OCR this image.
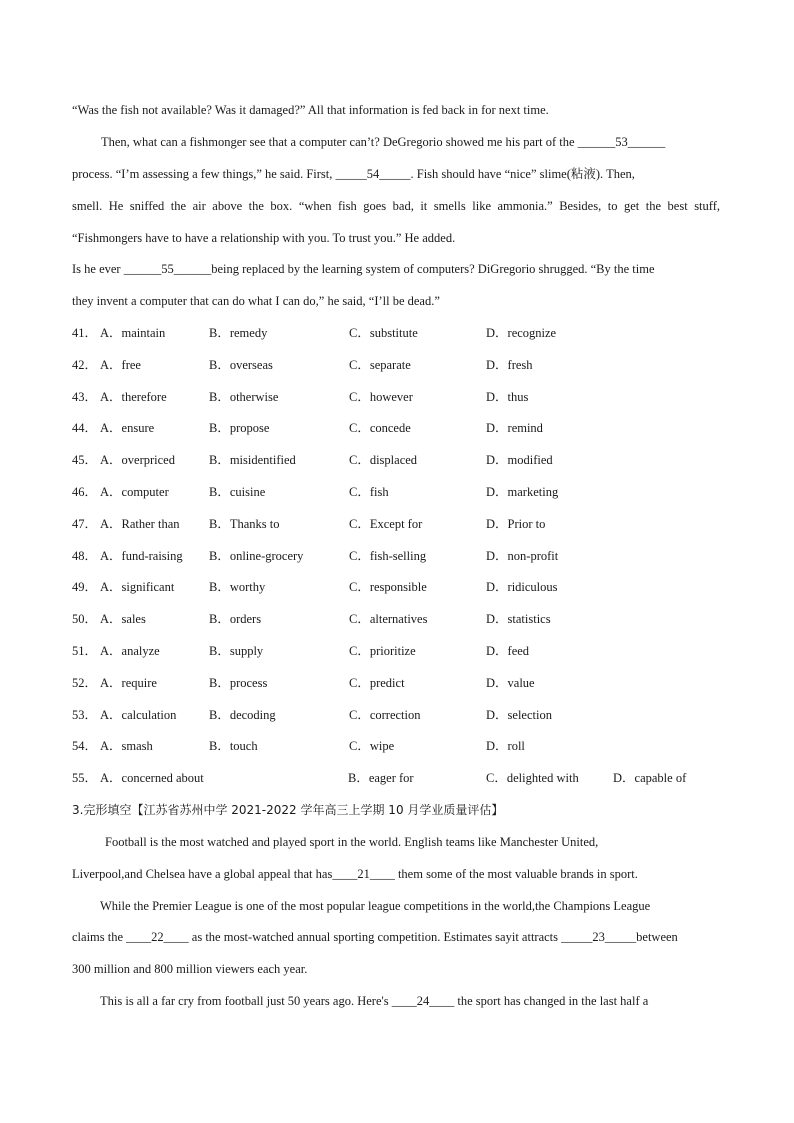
“Was the fish not available? Was it damaged?” All that information is fed back in for next time.
Then, what can a fishmonger see that a computer can’t? DeGregorio showed me his part of the ______53______
process. “I’m assessing a few things,” he said. First, _____54_____. Fish should have “nice” slime(粘液). Then,
smell. He sniffed the air above the box. “when fish goes bad, it smells like ammonia.” Besides, to get the best stuff,
“Fishmongers have to have a relationship with you. To trust you.” He added.
Is he ever ______55______being replaced by the learning system of computers? DiGregorio shrugged. “By the time
they invent a computer that can do what I can do,” he said, “I’ll be dead.”
41． A．maintain	B．remedy	C．substitute	D．recognize
42． A．free	B．overseas	C．separate	D．fresh
43． A．therefore	B．otherwise	C．however	D．thus
44． A．ensure	B．propose	C．concede	D．remind
45． A．overpriced	B．misidentified	C．displaced	D．modified
46． A．computer	B．cuisine	C．fish	D．marketing
47． A．Rather than B．Thanks to	C．Except for	D．Prior to
48． A．fund-raising B．online-grocery	C．fish-selling	D．non-profit
49． A．significant	B．worthy	C．responsible	D．ridiculous
50． A．sales	B．orders	C．alternatives	D．statistics
51． A．analyze	B．supply	C．prioritize	D．feed
52． A．require	B．process	C．predict	D．value
53． A．calculation	B．decoding	C．correction	D．selection
54． A．smash	B．touch	C．wipe	D．roll
55． A．concerned about	B．eager for	C．delighted with	D．capable of
3.完形填空【江苏省苏州中学 2021-2022 学年高三上学期 10 月学业质量评估】
Football is the most watched and played sport in the world. English teams like Manchester United,
Liverpool,and Chelsea have a global appeal that has____21____ them some of the most valuable brands in sport.
While the Premier League is one of the most popular league competitions in the world,the Champions League
claims the ____22____ as the most-watched annual sporting competition. Estimates sayit attracts _____23_____between
300 million and 800 million viewers each year.
This is all a far cry from football just 50 years ago. Here's ____24____ the sport has changed in the last half a
